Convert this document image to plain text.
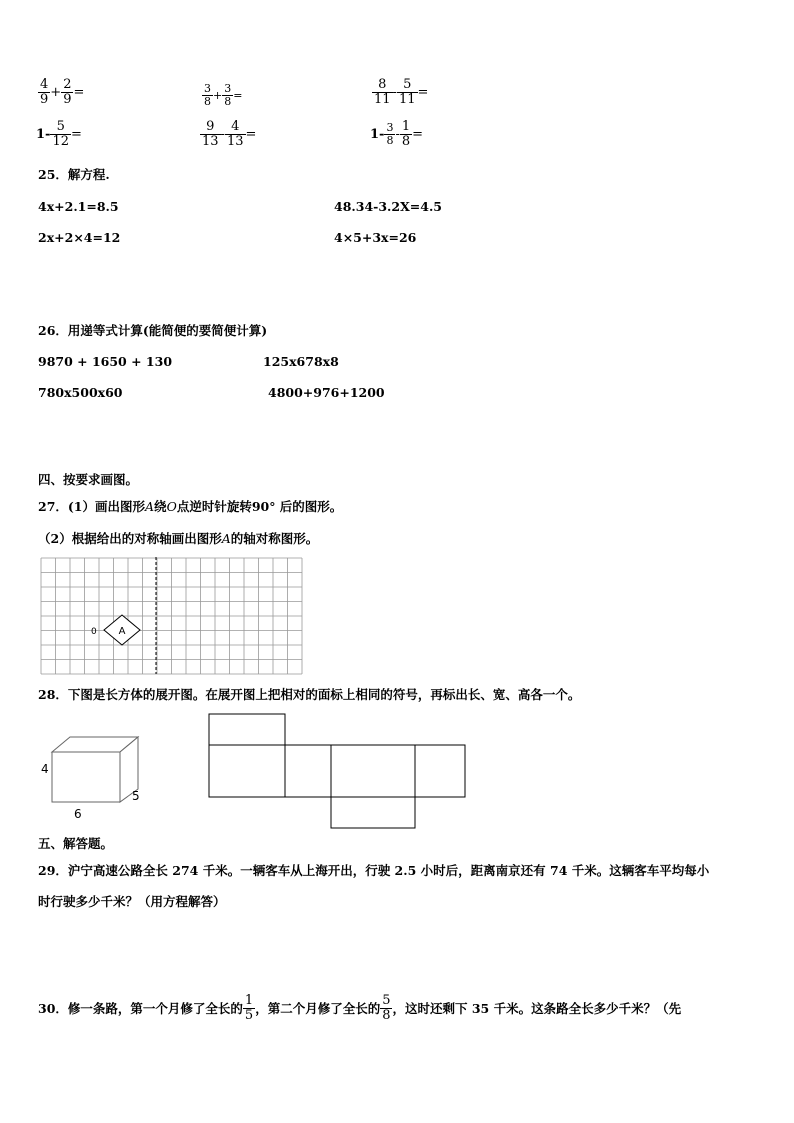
$\frac{4}{9} + \frac{2}{9}$ =	$\frac{3}{8} + \frac{3}{8}$ =	$\frac{8}{11} - \frac{5}{11}$ =
$1- \frac{5}{12}$ =	$\frac{9}{13} - \frac{4}{13}$ =	$1- \frac{3}{8} - \frac{1}{8}$ =
25．解方程.
4x+2.1=8.5	48.34-3.2X=4.5
2x+2×4=12	4×5+3x=26
26．用递等式计算(能简便的要简便计算)
9870 + 1650 + 130	125x678x8
780x500x60	4800+976+1200
四、按要求画图。
27．(1）画出图形A绕O点逆时针旋转90° 后的图形。
（2）根据给出的对称轴画出图形A的轴对称图形。
A
0
28．下图是长方体的展开图。在展开图上把相对的面标上相同的符号，再标出长、宽、高各一个。
4
6
5
五、解答题。
29．沪宁高速公路全长 274 千米。一辆客车从上海开出，行驶 2.5 小时后，距离南京还有 74 千米。这辆客车平均每小
时行驶多少千米？（用方程解答）
30．修一条路，第一个月修了全长的 $\frac{1}{5}$ ，第二个月修了全长的 $\frac{5}{8}$ ，这时还剩下 35 千米。这条路全长多少千米？（先
